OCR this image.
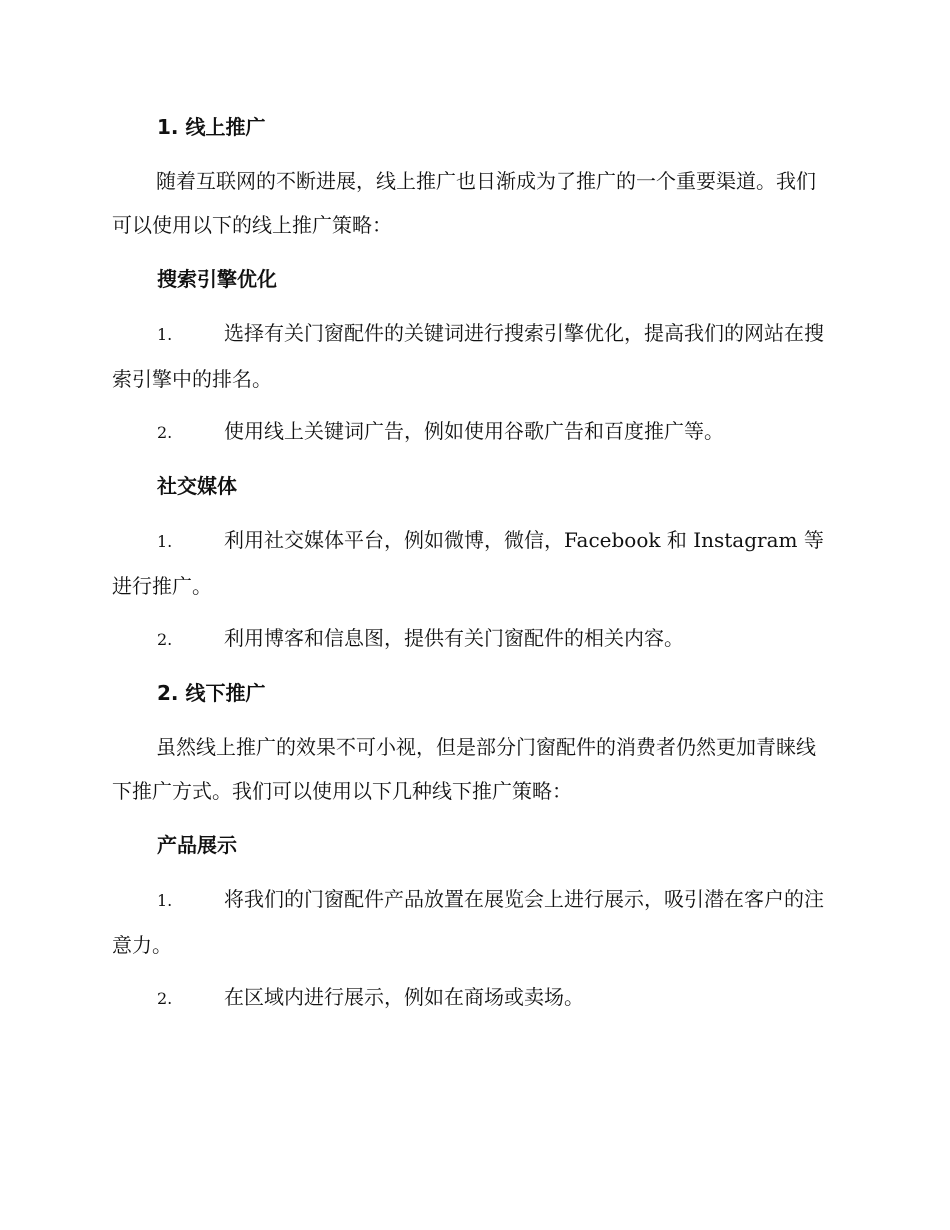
1. 线上推广

随着互联网的不断进展，线上推广也日渐成为了推广的一个重要渠道。我们可以使用以下的线上推广策略：

搜索引擎优化

1.	选择有关门窗配件的关键词进行搜索引擎优化，提高我们的网站在搜索引擎中的排名。

2.	使用线上关键词广告，例如使用谷歌广告和百度推广等。

社交媒体

1.	利用社交媒体平台，例如微博，微信，Facebook 和 Instagram 等进行推广。

2.	利用博客和信息图，提供有关门窗配件的相关内容。

2. 线下推广

虽然线上推广的效果不可小视，但是部分门窗配件的消费者仍然更加青睐线下推广方式。我们可以使用以下几种线下推广策略：

产品展示

1.	将我们的门窗配件产品放置在展览会上进行展示，吸引潜在客户的注意力。

2.	在区域内进行展示，例如在商场或卖场。
